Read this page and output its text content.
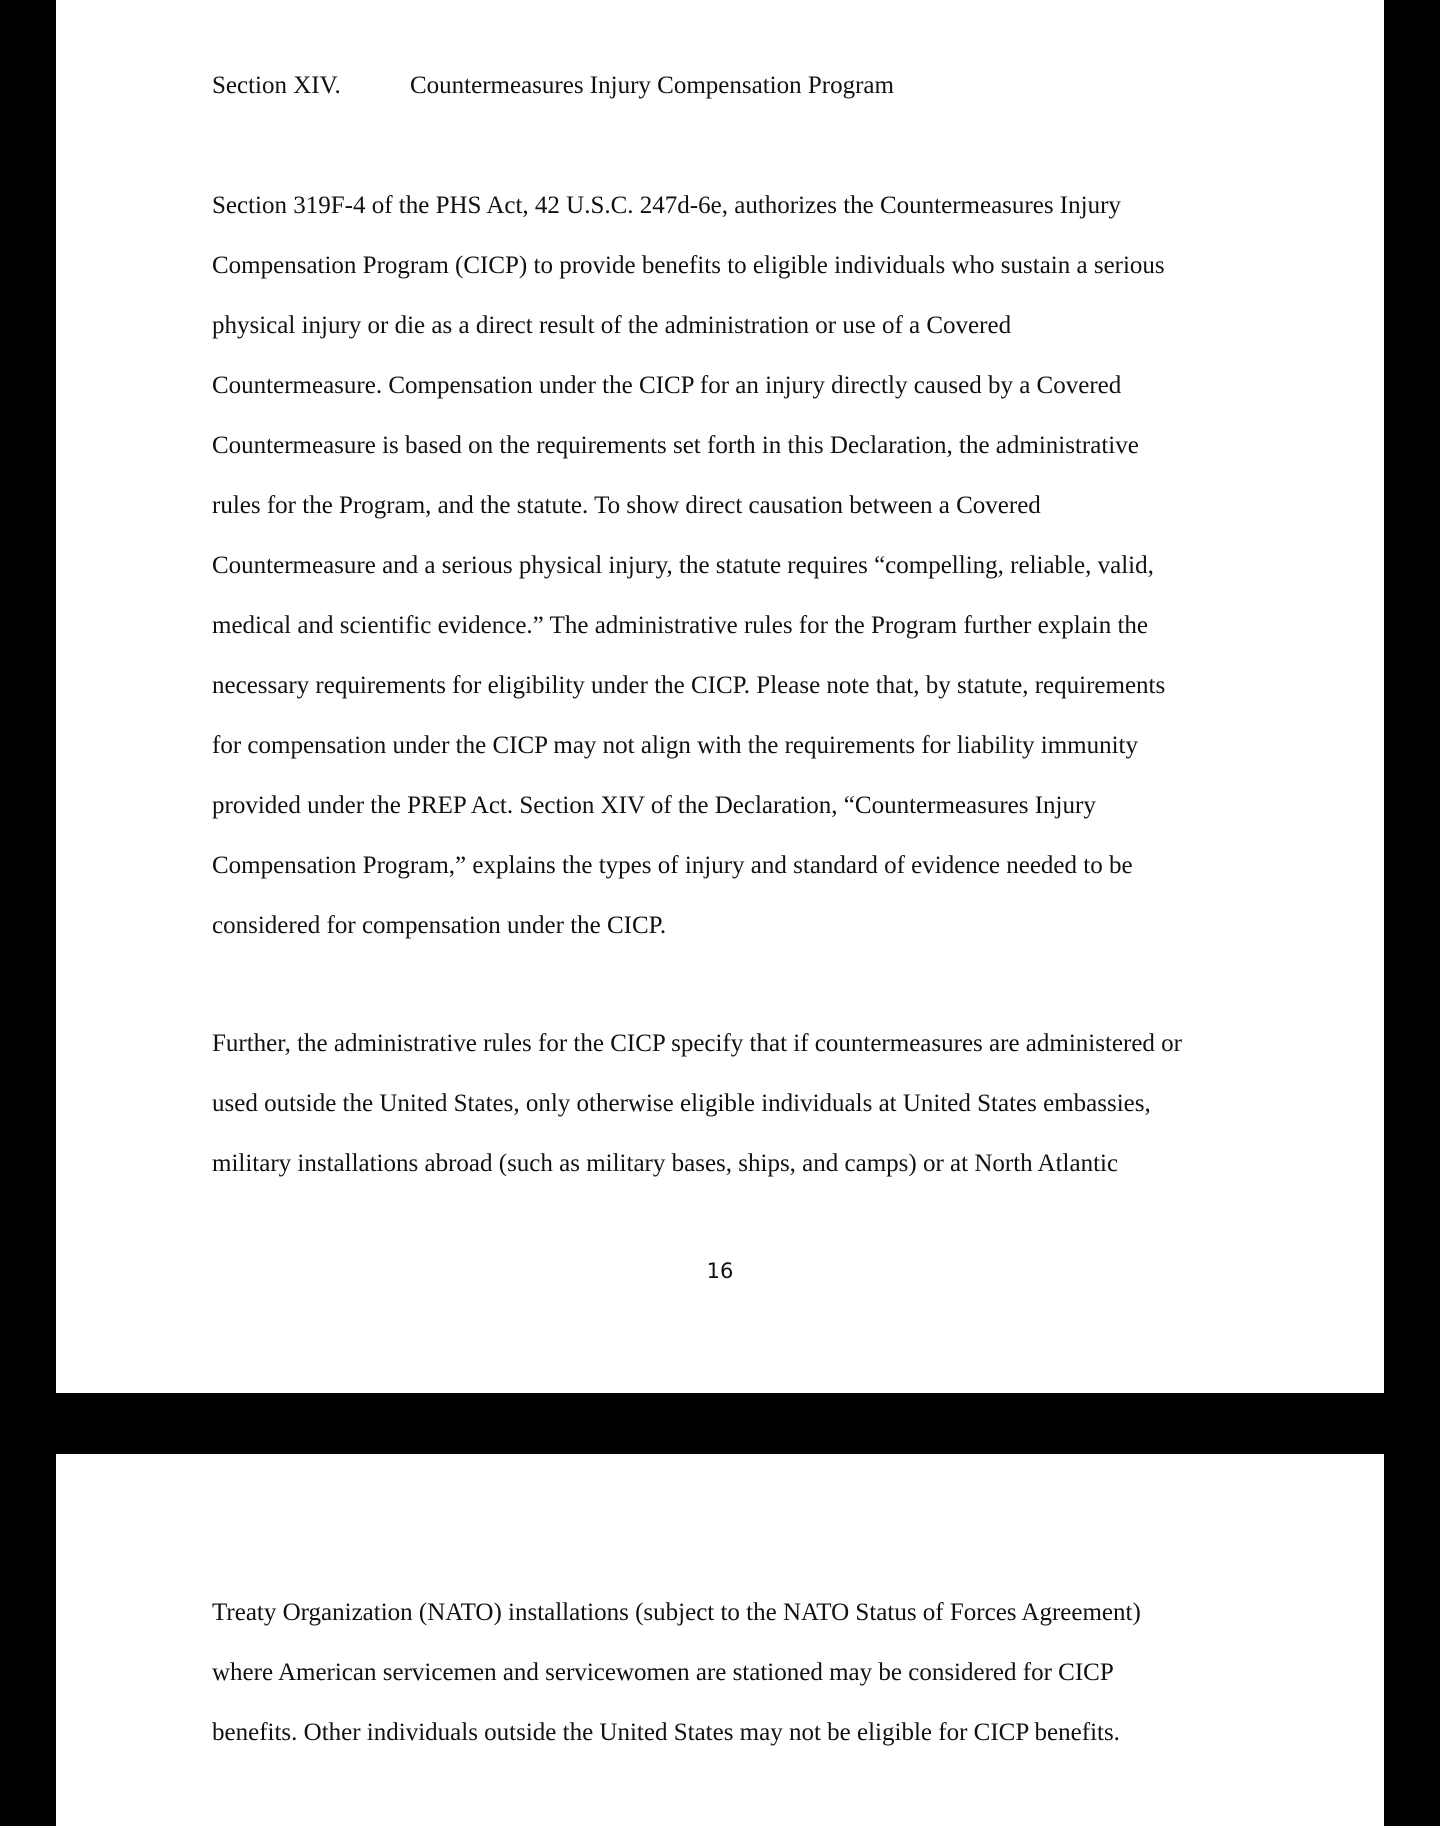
Section XIV.	Countermeasures Injury Compensation Program

Section 319F-4 of the PHS Act, 42 U.S.C. 247d-6e, authorizes the Countermeasures Injury
Compensation Program (CICP) to provide benefits to eligible individuals who sustain a serious
physical injury or die as a direct result of the administration or use of a Covered
Countermeasure. Compensation under the CICP for an injury directly caused by a Covered
Countermeasure is based on the requirements set forth in this Declaration, the administrative
rules for the Program, and the statute. To show direct causation between a Covered
Countermeasure and a serious physical injury, the statute requires “compelling, reliable, valid,
medical and scientific evidence.” The administrative rules for the Program further explain the
necessary requirements for eligibility under the CICP. Please note that, by statute, requirements
for compensation under the CICP may not align with the requirements for liability immunity
provided under the PREP Act. Section XIV of the Declaration, “Countermeasures Injury
Compensation Program,” explains the types of injury and standard of evidence needed to be
considered for compensation under the CICP.

Further, the administrative rules for the CICP specify that if countermeasures are administered or
used outside the United States, only otherwise eligible individuals at United States embassies,
military installations abroad (such as military bases, ships, and camps) or at North Atlantic

16

Treaty Organization (NATO) installations (subject to the NATO Status of Forces Agreement)
where American servicemen and servicewomen are stationed may be considered for CICP
benefits. Other individuals outside the United States may not be eligible for CICP benefits.
